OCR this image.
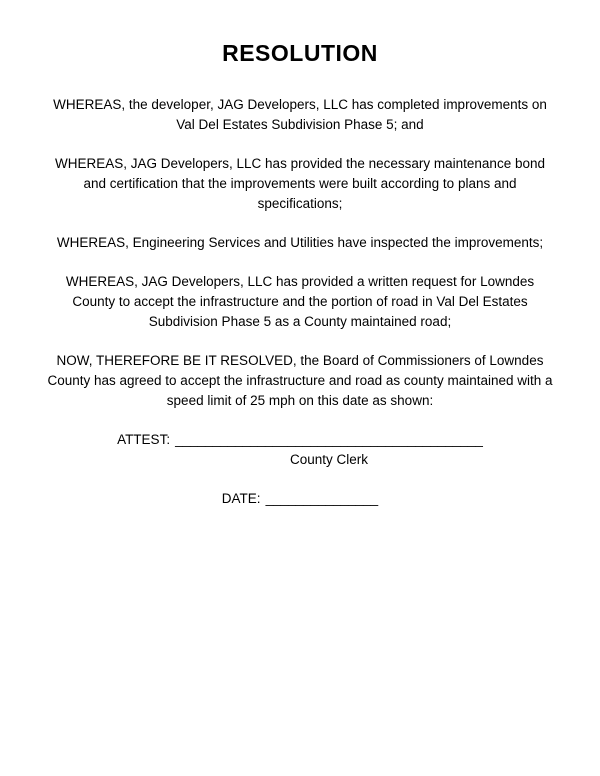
RESOLUTION

WHEREAS, the developer, JAG Developers, LLC has completed improvements on Val Del Estates Subdivision Phase 5; and

WHEREAS, JAG Developers, LLC has provided the necessary maintenance bond and certification that the improvements were built according to plans and specifications;

WHEREAS, Engineering Services and Utilities have inspected the improvements;

WHEREAS, JAG Developers, LLC has provided a written request for Lowndes County to accept the infrastructure and the portion of road in Val Del Estates Subdivision Phase 5 as a County maintained road;

NOW, THEREFORE BE IT RESOLVED, the Board of Commissioners of Lowndes County has agreed to accept the infrastructure and road as county maintained with a speed limit of 25 mph on this date as shown:

ATTEST: _________________________________________
County Clerk
DATE: _______________
